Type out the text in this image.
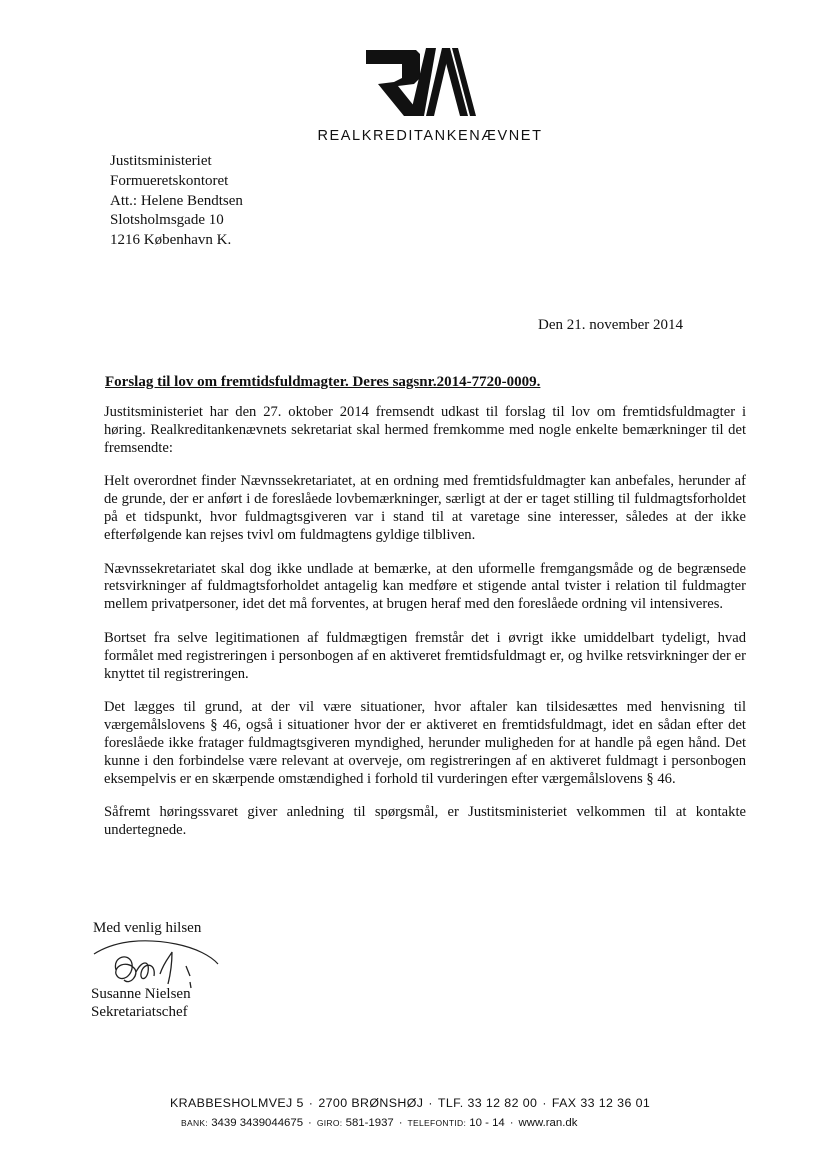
REALKREDITANKENÆVNET
Justitsministeriet
Formueretskontoret
Att.: Helene Bendtsen
Slotsholmsgade 10
1216 København K.
Den 21. november 2014
Forslag til lov om fremtidsfuldmagter. Deres sagsnr.2014-7720-0009.

Justitsministeriet har den 27. oktober 2014 fremsendt udkast til forslag til lov om fremtidsfuldmagter i høring. Realkreditankenævnets sekretariat skal hermed fremkomme med nogle enkelte bemærkninger til det fremsendte:

Helt overordnet finder Nævnssekretariatet, at en ordning med fremtidsfuldmagter kan anbefales, herunder af de grunde, der er anført i de foreslåede lovbemærkninger, særligt at der er taget stilling til fuldmagtsforholdet på et tidspunkt, hvor fuldmagtsgiveren var i stand til at varetage sine interesser, således at der ikke efterfølgende kan rejses tvivl om fuldmagtens gyldige tilbliven.

Nævnssekretariatet skal dog ikke undlade at bemærke, at den uformelle fremgangsmåde og de begrænsede retsvirkninger af fuldmagtsforholdet antagelig kan medføre et stigende antal tvister i relation til fuldmagter mellem privatpersoner, idet det må forventes, at brugen heraf med den foreslåede ordning vil intensiveres.

Bortset fra selve legitimationen af fuldmægtigen fremstår det i øvrigt ikke umiddelbart tydeligt, hvad formålet med registreringen i personbogen af en aktiveret fremtidsfuldmagt er, og hvilke retsvirkninger der er knyttet til registreringen.

Det lægges til grund, at der vil være situationer, hvor aftaler kan tilsidesættes med henvisning til værgemålslovens § 46, også i situationer hvor der er aktiveret en fremtidsfuldmagt, idet en sådan efter det foreslåede ikke fratager fuldmagtsgiveren myndighed, herunder muligheden for at handle på egen hånd. Det kunne i den forbindelse være relevant at overveje, om registreringen af en aktiveret fuldmagt i personbogen eksempelvis er en skærpende omstændighed i forhold til vurderingen efter værgemålslovens § 46.

Såfremt høringssvaret giver anledning til spørgsmål, er Justitsministeriet velkommen til at kontakte undertegnede.

Med venlig hilsen
Susanne Nielsen
Sekretariatschef
KRABBESHOLMVEJ 5 · 2700 BRØNSHØJ · TLF. 33 12 82 00 · FAX 33 12 36 01
BANK: 3439 3439044675 · GIRO: 581-1937 · TELEFONTID: 10 - 14 · www.ran.dk
